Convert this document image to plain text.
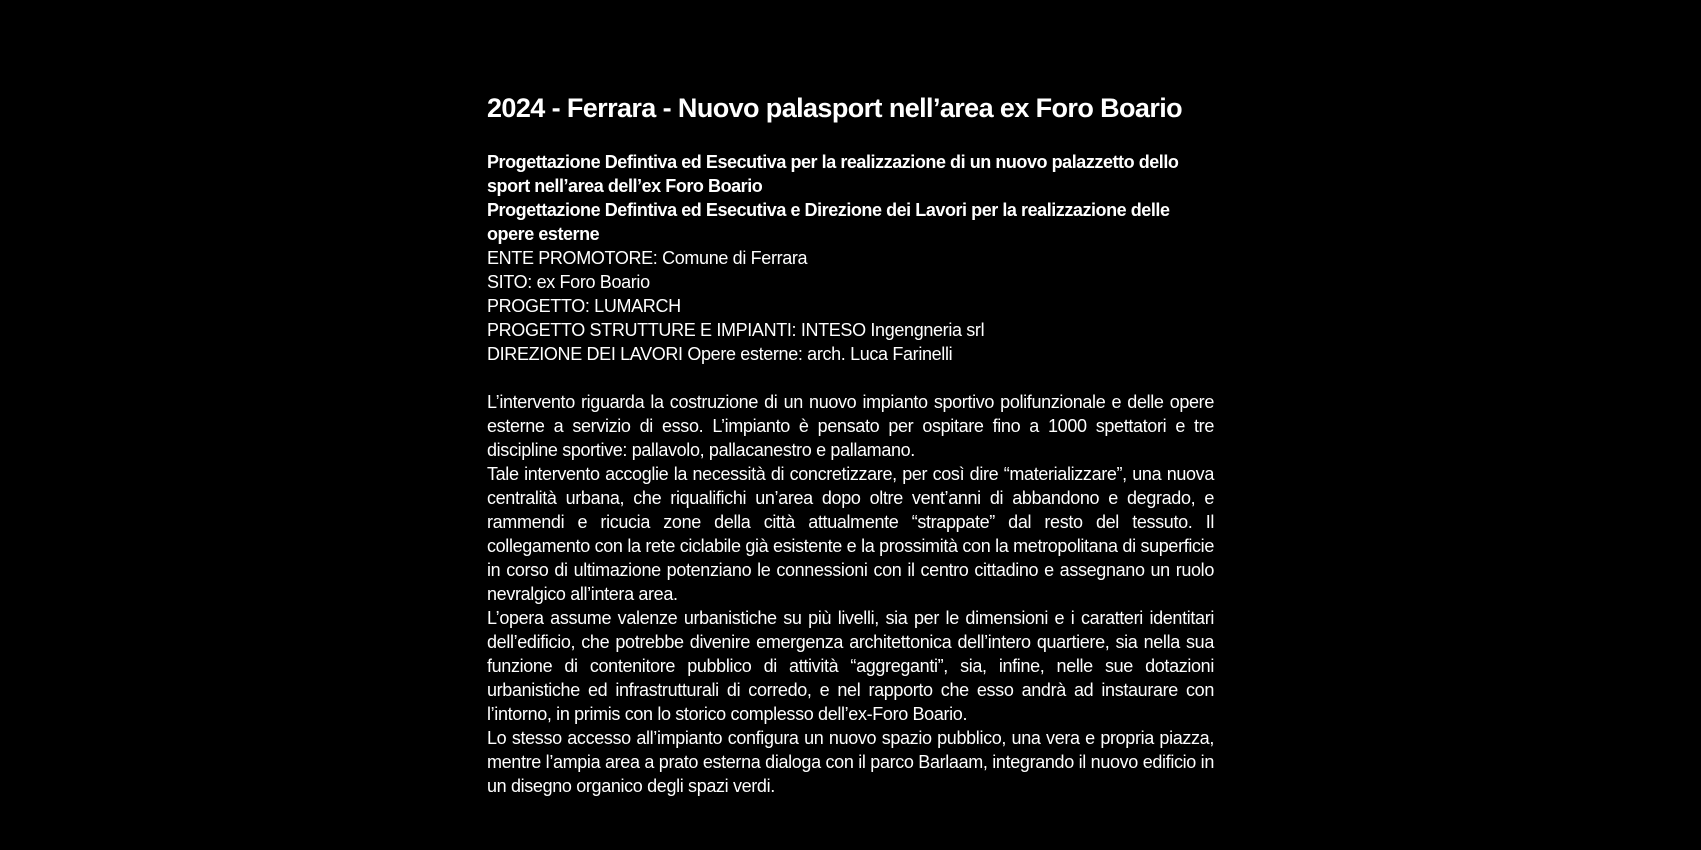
2024 - Ferrara - Nuovo palasport nell’area ex Foro Boario

Progettazione Defintiva ed Esecutiva per la realizzazione di un nuovo palazzetto dello sport nell’area dell’ex Foro Boario

Progettazione Defintiva ed Esecutiva e Direzione dei Lavori per la realizzazione delle opere esterne

ENTE PROMOTORE: Comune di Ferrara

SITO: ex Foro Boario

PROGETTO: LUMARCH

PROGETTO STRUTTURE E IMPIANTI: INTESO Ingengneria srl

DIREZIONE DEI LAVORI Opere esterne: arch. Luca Farinelli

L’intervento riguarda la costruzione di un nuovo impianto sportivo polifunzionale e delle opere esterne a servizio di esso. L’impianto è pensato per ospitare fino a 1000 spettatori e tre discipline sportive: pallavolo, pallacanestro e pallamano.

Tale intervento accoglie la necessità di concretizzare, per così dire “materializzare”, una nuova centralità urbana, che riqualifichi un’area dopo oltre vent’anni di abbandono e degrado, e rammendi e ricucia zone della città attualmente “strappate” dal resto del tessuto. Il collegamento con la rete ciclabile già esistente e la prossimità con la metropolitana di superficie in corso di ultimazione potenziano le connessioni con il centro cittadino e assegnano un ruolo nevralgico all’intera area.

L’opera assume valenze urbanistiche su più livelli, sia per le dimensioni e i caratteri identitari dell’edificio, che potrebbe divenire emergenza architettonica dell’intero quartiere, sia nella sua funzione di contenitore pubblico di attività “aggreganti”, sia, infine, nelle sue dotazioni urbanistiche ed infrastrutturali di corredo, e nel rapporto che esso andrà ad instaurare con l’intorno, in primis con lo storico complesso dell’ex-Foro Boario.

Lo stesso accesso all’impianto configura un nuovo spazio pubblico, una vera e propria piazza, mentre l’ampia area a prato esterna dialoga con il parco Barlaam, integrando il nuovo edificio in un disegno organico degli spazi verdi.
